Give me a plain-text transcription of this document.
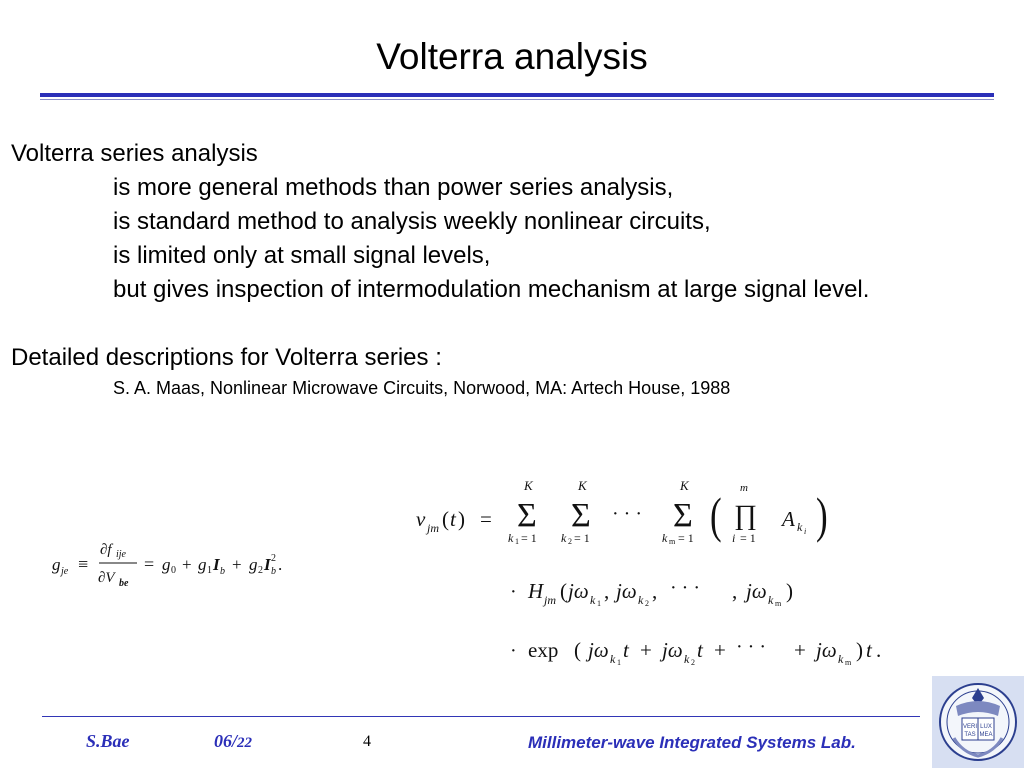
Volterra analysis
Volterra series analysis
is more general methods than power series analysis,
is standard method to analysis weekly nonlinear circuits,
is limited only at small signal levels,
but gives inspection of intermodulation mechanism at large signal level.
Detailed descriptions for Volterra series :
S. A. Maas, Nonlinear Microwave Circuits, Norwood, MA: Artech House, 1988
g je ≡
∂f ije
∂V be
= g 0 + g 1 I b + g 2 I 2
b .
v jm ( t ) =
K
Σ
k 1 = 1
K
Σ
k 2 = 1
· · ·
K
Σ
k m = 1 (
m
∏
i = 1
A k i )
· H jm ( jω k 1
, jω k 2
, · · · , jω k m
)
· exp ( jω k 1
t + jω k 2
t + · · · + jω k m
) t .
S.Bae	06/22	4	Millimeter-wave Integrated Systems Lab.
VERI LUX
TAS MEA
